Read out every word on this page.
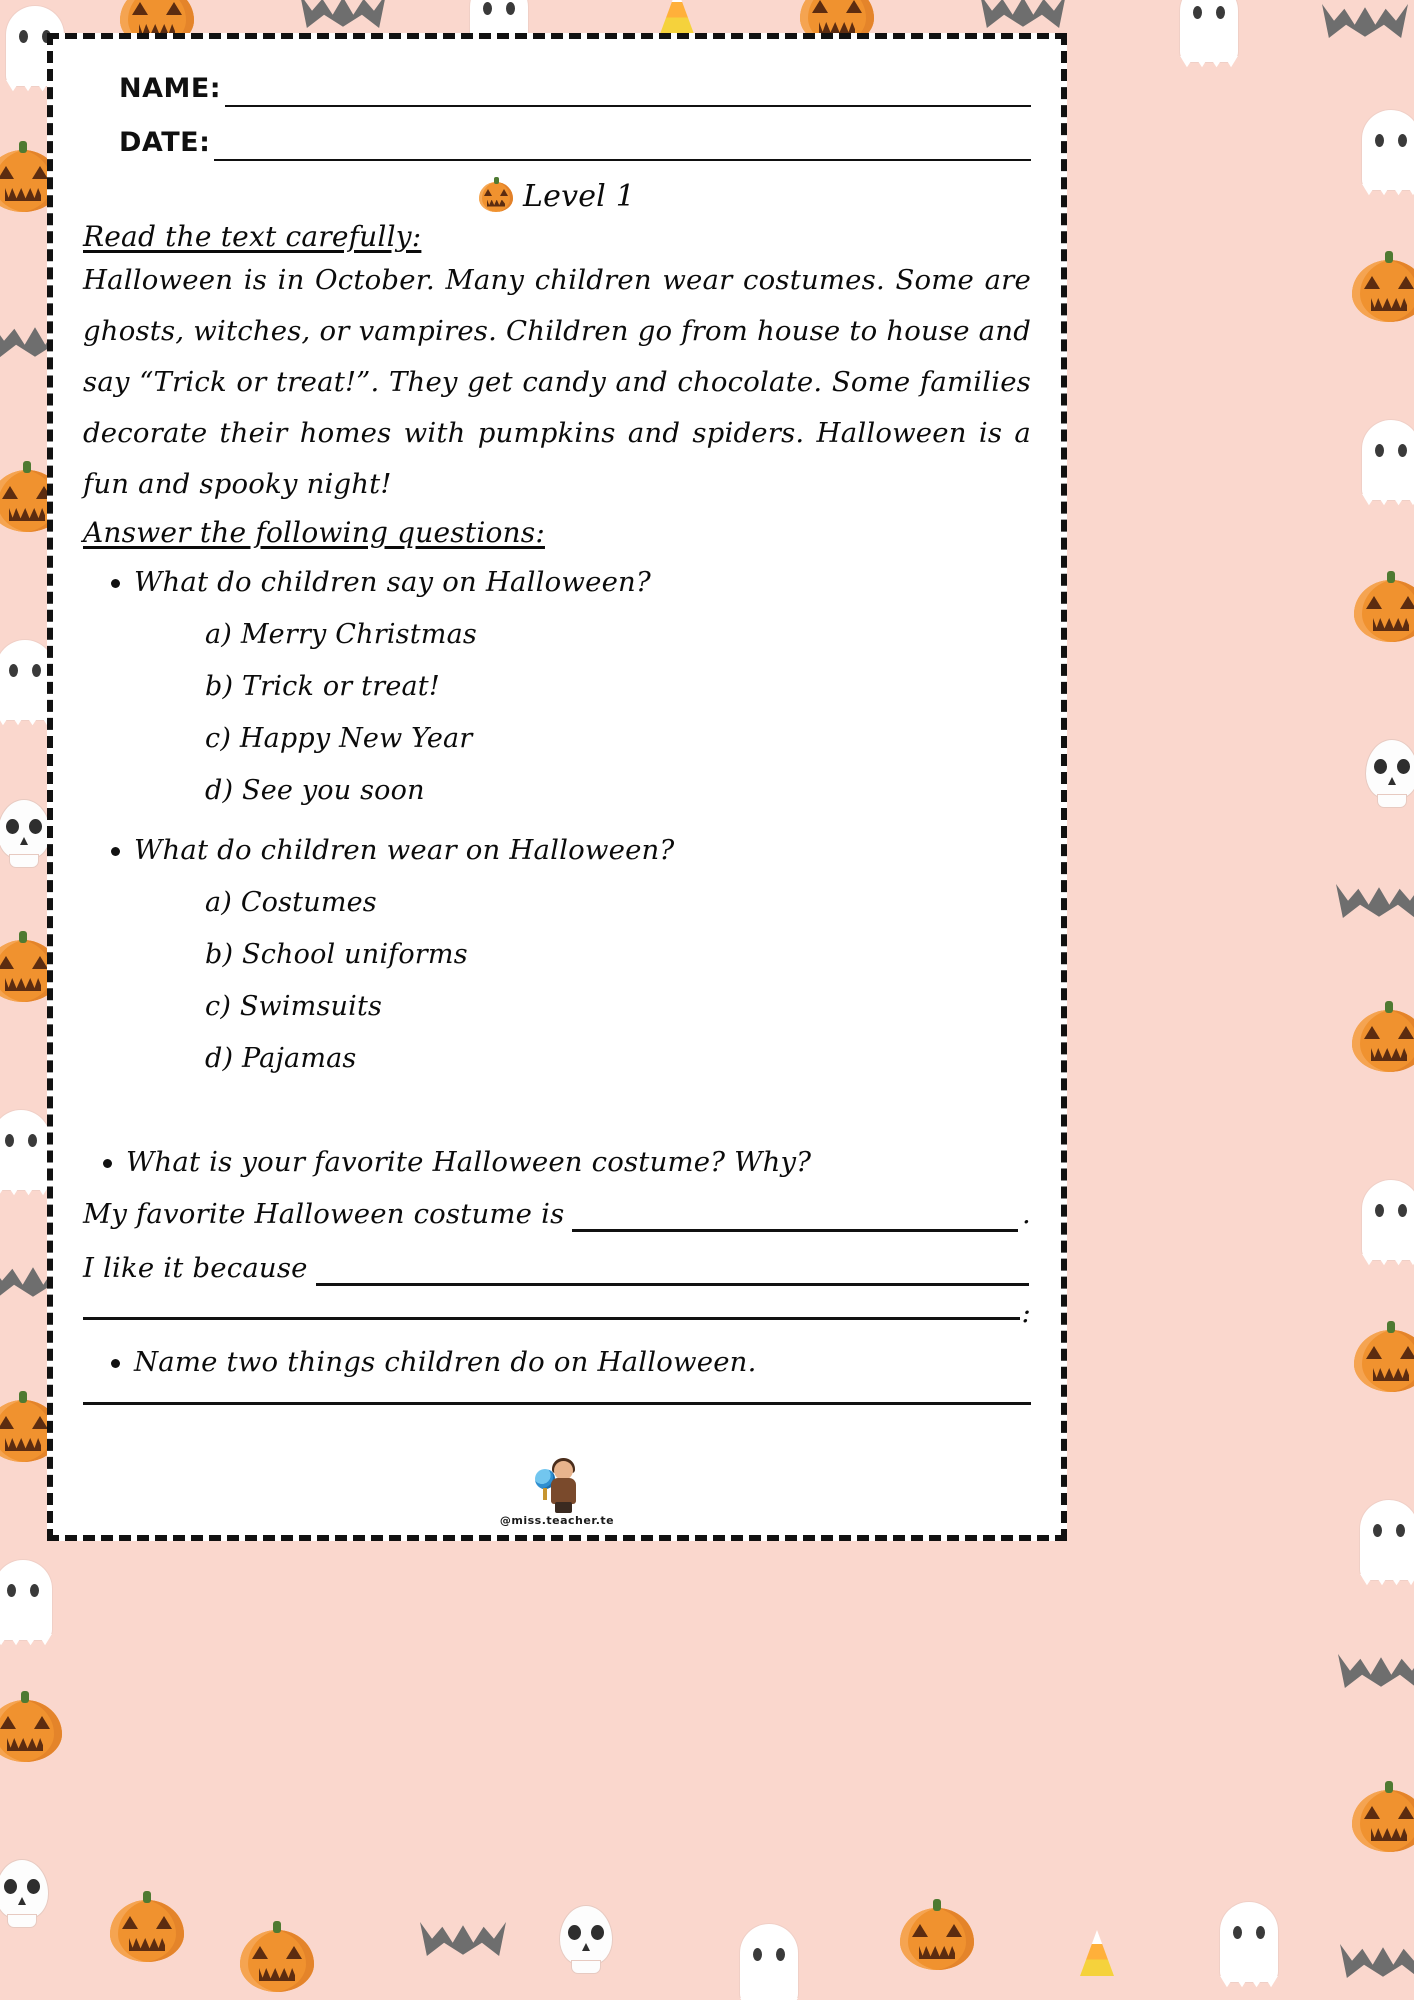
NAME:
DATE:
Level 1
Read the text carefully:
Halloween is in October. Many children wear costumes. Some are ghosts, witches, or vampires. Children go from house to house and say “Trick or treat!”. They get candy and chocolate. Some families decorate their homes with pumpkins and spiders. Halloween is a fun and spooky night!
Answer the following questions:
What do children say on Halloween?
a) Merry Christmas
b) Trick or treat!
c) Happy New Year
d) See you soon
What do children wear on Halloween?
a) Costumes
b) School uniforms
c) Swimsuits
d) Pajamas
What is your favorite Halloween costume? Why?
My favorite Halloween costume is	.
I like it because
:
Name two things children do on Halloween.
@miss.teacher.te
